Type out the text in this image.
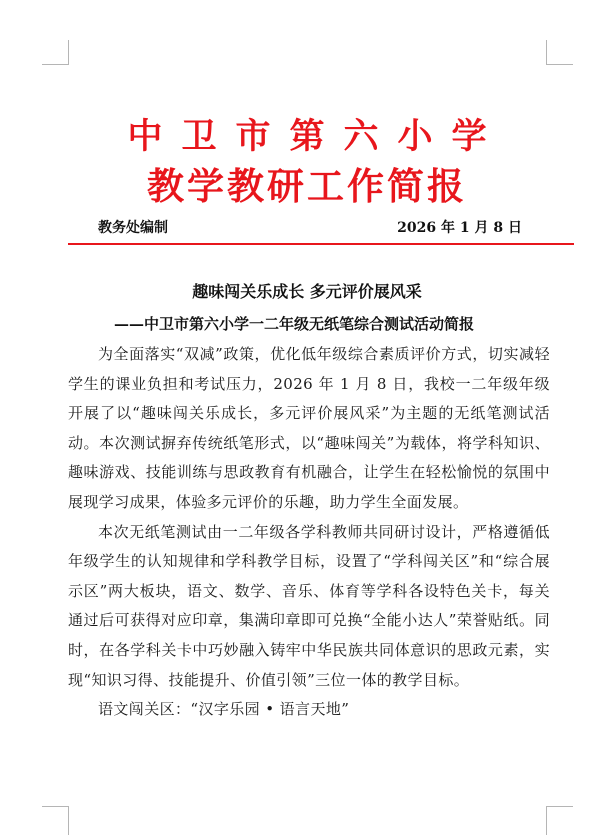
中卫市第六小学
教学教研工作简报
教务处编制	2026 年 1 月 8 日
趣味闯关乐成长 多元评价展风采
——中卫市第六小学一二年级无纸笔综合测试活动简报

为全面落实“双减”政策，优化低年级综合素质评价方式，切实减轻学生的课业负担和考试压力，2026 年 1 月 8 日，我校一二年级年级开展了以“趣味闯关乐成长，多元评价展风采”为主题的无纸笔测试活动。本次测试摒弃传统纸笔形式，以“趣味闯关”为载体，将学科知识、趣味游戏、技能训练与思政教育有机融合，让学生在轻松愉悦的氛围中展现学习成果，体验多元评价的乐趣，助力学生全面发展。

本次无纸笔测试由一二年级各学科教师共同研讨设计，严格遵循低年级学生的认知规律和学科教学目标，设置了“学科闯关区”和“综合展示区”两大板块，语文、数学、音乐、体育等学科各设特色关卡，每关通过后可获得对应印章，集满印章即可兑换“全能小达人”荣誉贴纸。同时，在各学科关卡中巧妙融入铸牢中华民族共同体意识的思政元素，实现“知识习得、技能提升、价值引领”三位一体的教学目标。

语文闯关区：“汉字乐园 • 语言天地”
